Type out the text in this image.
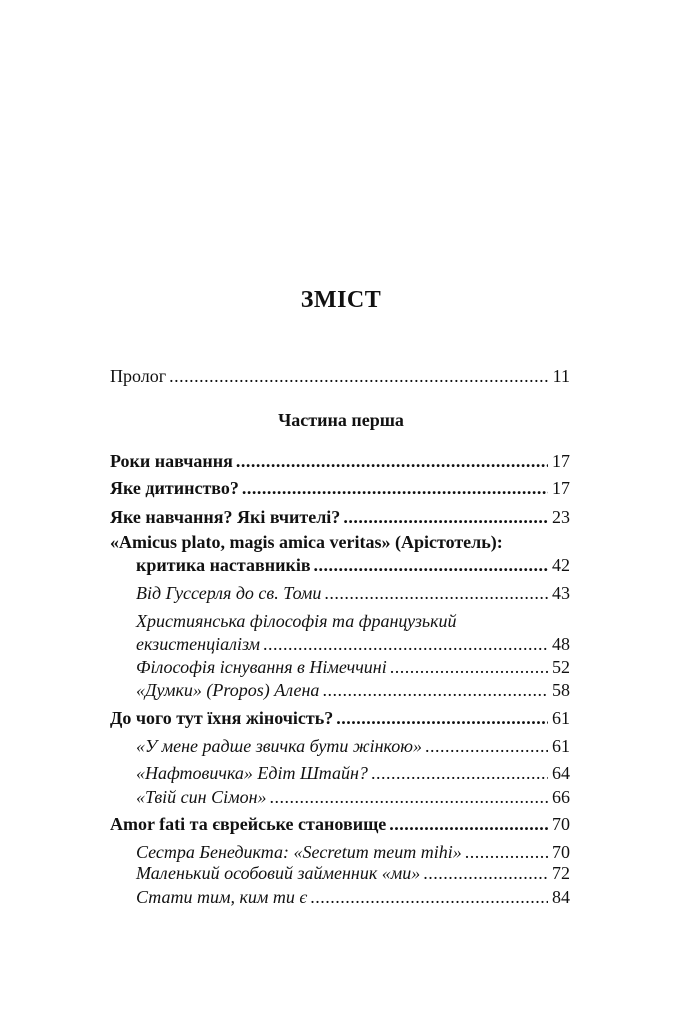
ЗМІСТ
Пролог .....	11
Частина перша
Роки навчання .....	17
Яке дитинство? .....	17
Яке навчання? Які вчителі? .....	23
«Amicus plato, magis amica veritas» (Арістотель):
критика наставників .....	42
Від Гуссерля до св. Томи .....	43
Християнська філософія та французький
екзистенціалізм .....	48
Філософія існування в Німеччині .....	52
«Думки» (Propos) Алена .....	58
До чого тут їхня жіночість? .....	61
«У мене радше звичка бути жінкою» .....	61
«Нафтовичка» Едіт Штайн? .....	64
«Твій син Сімон» .....	66
Amor fati та єврейське становище .....	70
Сестра Бенедикта: «Secretum meum mihi» .....	70
Маленький особовий займенник «ми» .....	72
Стати тим, ким ти є .....	84
